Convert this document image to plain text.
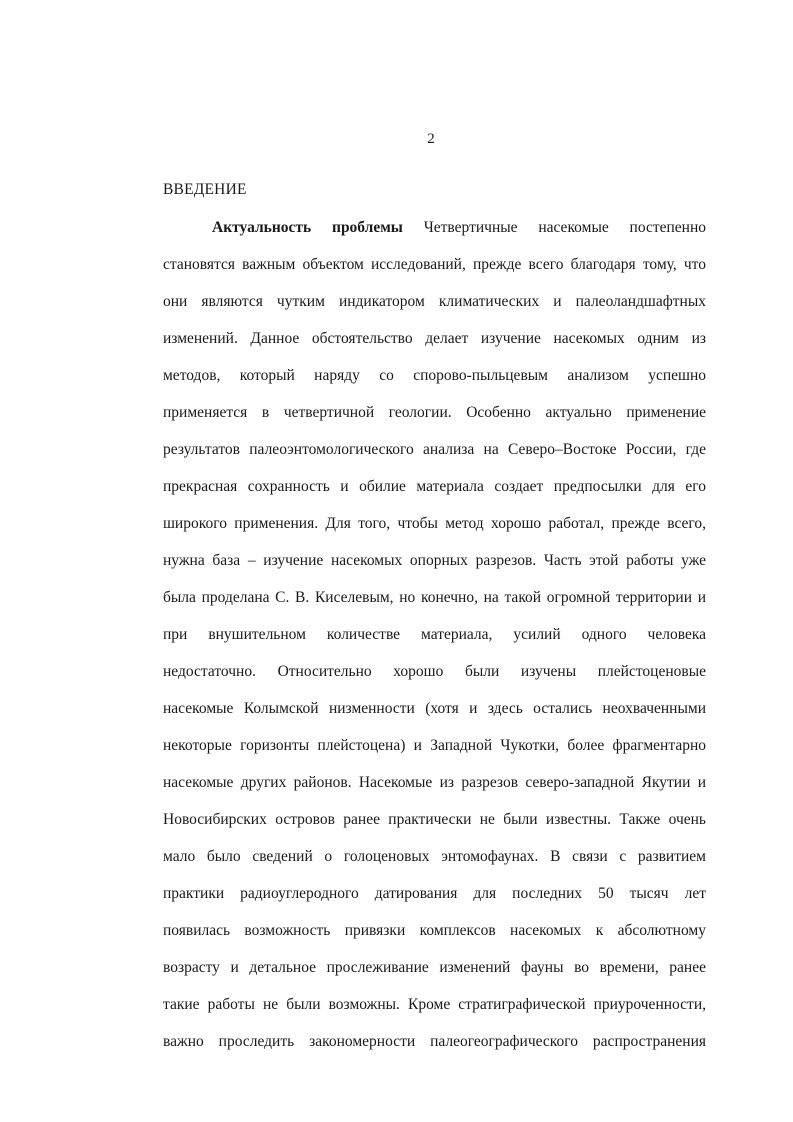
2
ВВЕДЕНИЕ
Актуальность проблемы Четвертичные насекомые постепенно
становятся важным объектом исследований, прежде всего благодаря тому, что
они являются чутким индикатором климатических и палеоландшафтных
изменений. Данное обстоятельство делает изучение насекомых одним из
методов, который наряду со спорово-пыльцевым анализом успешно
применяется в четвертичной геологии. Особенно актуально применение
результатов палеоэнтомологического анализа на Северо–Востоке России, где
прекрасная сохранность и обилие материала создает предпосылки для его
широкого применения. Для того, чтобы метод хорошо работал, прежде всего,
нужна база – изучение насекомых опорных разрезов. Часть этой работы уже
была проделана С. В. Киселевым, но конечно, на такой огромной территории и
при внушительном количестве материала, усилий одного человека
недостаточно. Относительно хорошо были изучены плейстоценовые
насекомые Колымской низменности (хотя и здесь остались неохваченными
некоторые горизонты плейстоцена) и Западной Чукотки, более фрагментарно
насекомые других районов. Насекомые из разрезов северо-западной Якутии и
Новосибирских островов ранее практически не были известны. Также очень
мало было сведений о голоценовых энтомофаунах. В связи с развитием
практики радиоуглеродного датирования для последних 50 тысяч лет
появилась возможность привязки комплексов насекомых к абсолютному
возрасту и детальное прослеживание изменений фауны во времени, ранее
такие работы не были возможны. Кроме стратиграфической приуроченности,
важно проследить закономерности палеогеографического распространения
